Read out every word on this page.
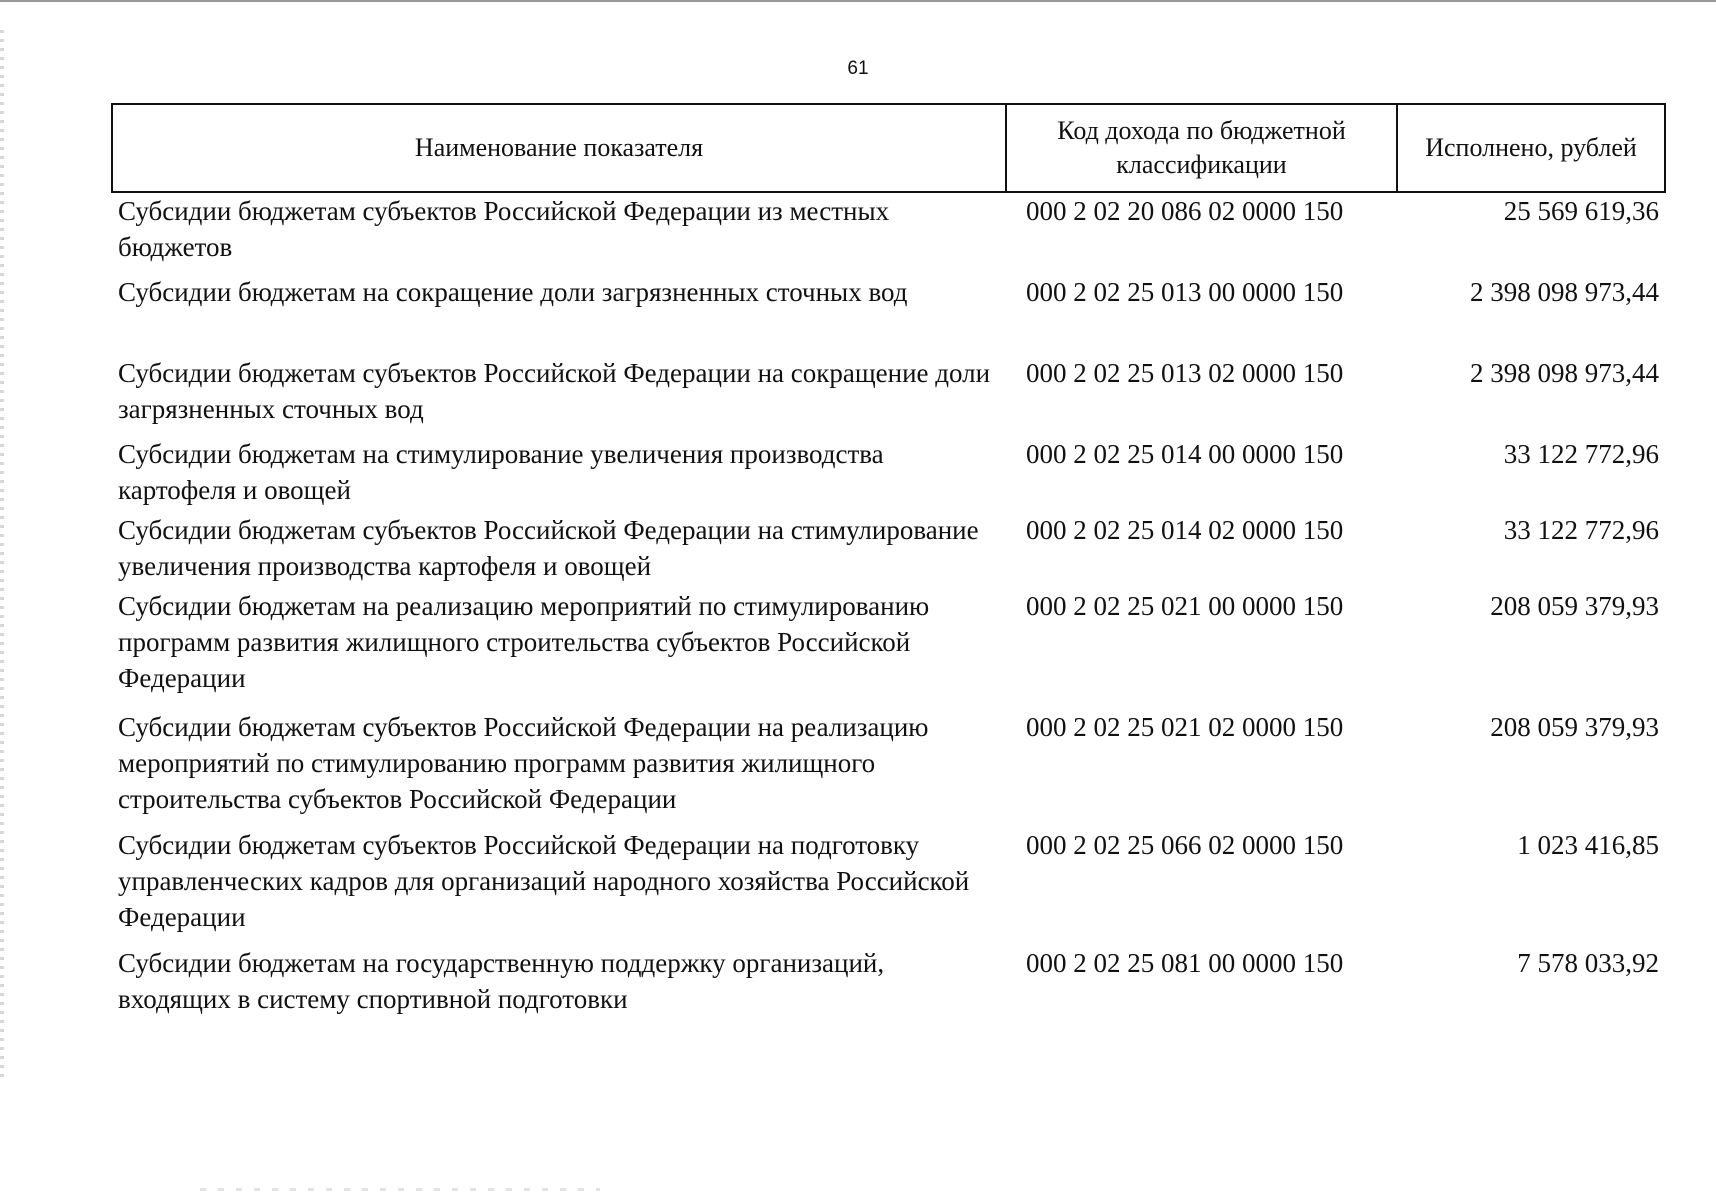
61
Наименование показателя	Код дохода по бюджетной классификации	Исполнено, рублей
Субсидии бюджетам субъектов Российской Федерации из местных бюджетов	000 2 02 20 086 02 0000 150	25 569 619,36
Субсидии бюджетам на сокращение доли загрязненных сточных вод	000 2 02 25 013 00 0000 150	2 398 098 973,44
Субсидии бюджетам субъектов Российской Федерации на сокращение доли загрязненных сточных вод	000 2 02 25 013 02 0000 150	2 398 098 973,44
Субсидии бюджетам на стимулирование увеличения производства картофеля и овощей	000 2 02 25 014 00 0000 150	33 122 772,96
Субсидии бюджетам субъектов Российской Федерации на стимулирование увеличения производства картофеля и овощей	000 2 02 25 014 02 0000 150	33 122 772,96
Субсидии бюджетам на реализацию мероприятий по стимулированию программ развития жилищного строительства субъектов Российской Федерации	000 2 02 25 021 00 0000 150	208 059 379,93
Субсидии бюджетам субъектов Российской Федерации на реализацию мероприятий по стимулированию программ развития жилищного строительства субъектов Российской Федерации	000 2 02 25 021 02 0000 150	208 059 379,93
Субсидии бюджетам субъектов Российской Федерации на подготовку управленческих кадров для организаций народного хозяйства Российской Федерации	000 2 02 25 066 02 0000 150	1 023 416,85
Субсидии бюджетам на государственную поддержку организаций, входящих в систему спортивной подготовки	000 2 02 25 081 00 0000 150	7 578 033,92
